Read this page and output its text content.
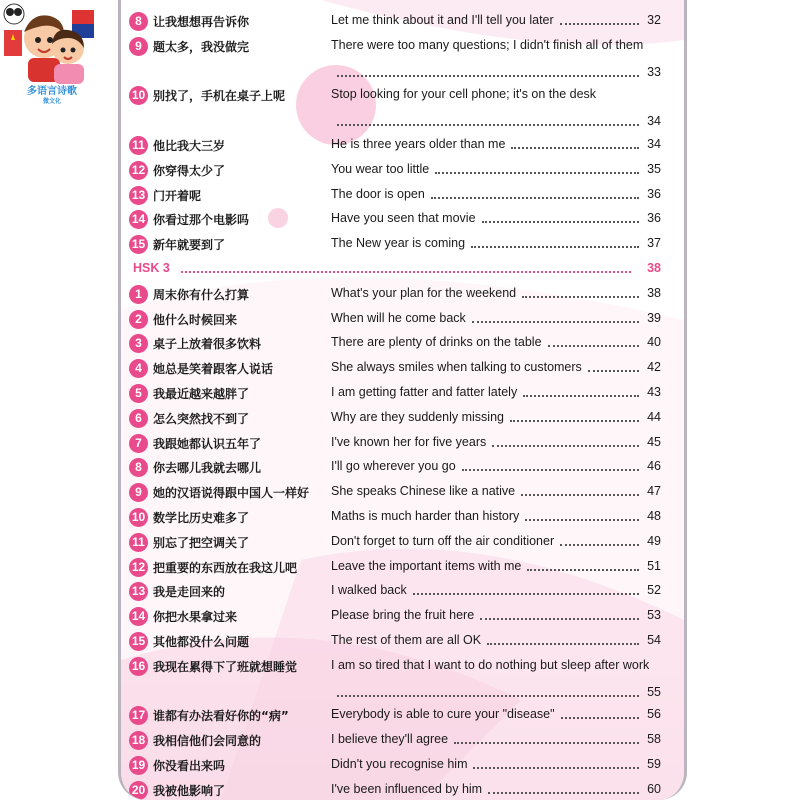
多语言诗歌
微文化
8 让我想想再告诉你	Let me think about it and I'll tell you later	32
9 题太多，我没做完	There were too many questions; I didn't finish all of them
33
10 别找了，手机在桌子上呢	Stop looking for your cell phone; it's on the desk
34
11 他比我大三岁	He is three years older than me	34
12 你穿得太少了	You wear too little	35
13 门开着呢	The door is open	36
14 你看过那个电影吗	Have you seen that movie	36
15 新年就要到了	The New year is coming	37
HSK 3	38
1 周末你有什么打算	What's your plan for the weekend	38
2 他什么时候回来	When will he come back	39
3 桌子上放着很多饮料	There are plenty of drinks on the table	40
4 她总是笑着跟客人说话	She always smiles when talking to customers	42
5 我最近越来越胖了	I am getting fatter and fatter lately	43
6 怎么突然找不到了	Why are they suddenly missing	44
7 我跟她都认识五年了	I've known her for five years	45
8 你去哪儿我就去哪儿	I'll go wherever you go	46
9 她的汉语说得跟中国人一样好 She speaks Chinese like a native	47
10 数学比历史难多了	Maths is much harder than history	48
11 别忘了把空调关了	Don't forget to turn off the air conditioner	49
12 把重要的东西放在我这儿吧	Leave the important items with me	51
13 我是走回来的	I walked back	52
14 你把水果拿过来	Please bring the fruit here	53
15 其他都没什么问题	The rest of them are all OK	54
16 我现在累得下了班就想睡觉	I am so tired that I want to do nothing but sleep after work
55
17 谁都有办法看好你的“病”	Everybody is able to cure your "disease"	56
18 我相信他们会同意的	I believe they'll agree	58
19 你没看出来吗	Didn't you recognise him	59
20 我被他影响了	I've been influenced by him	60
